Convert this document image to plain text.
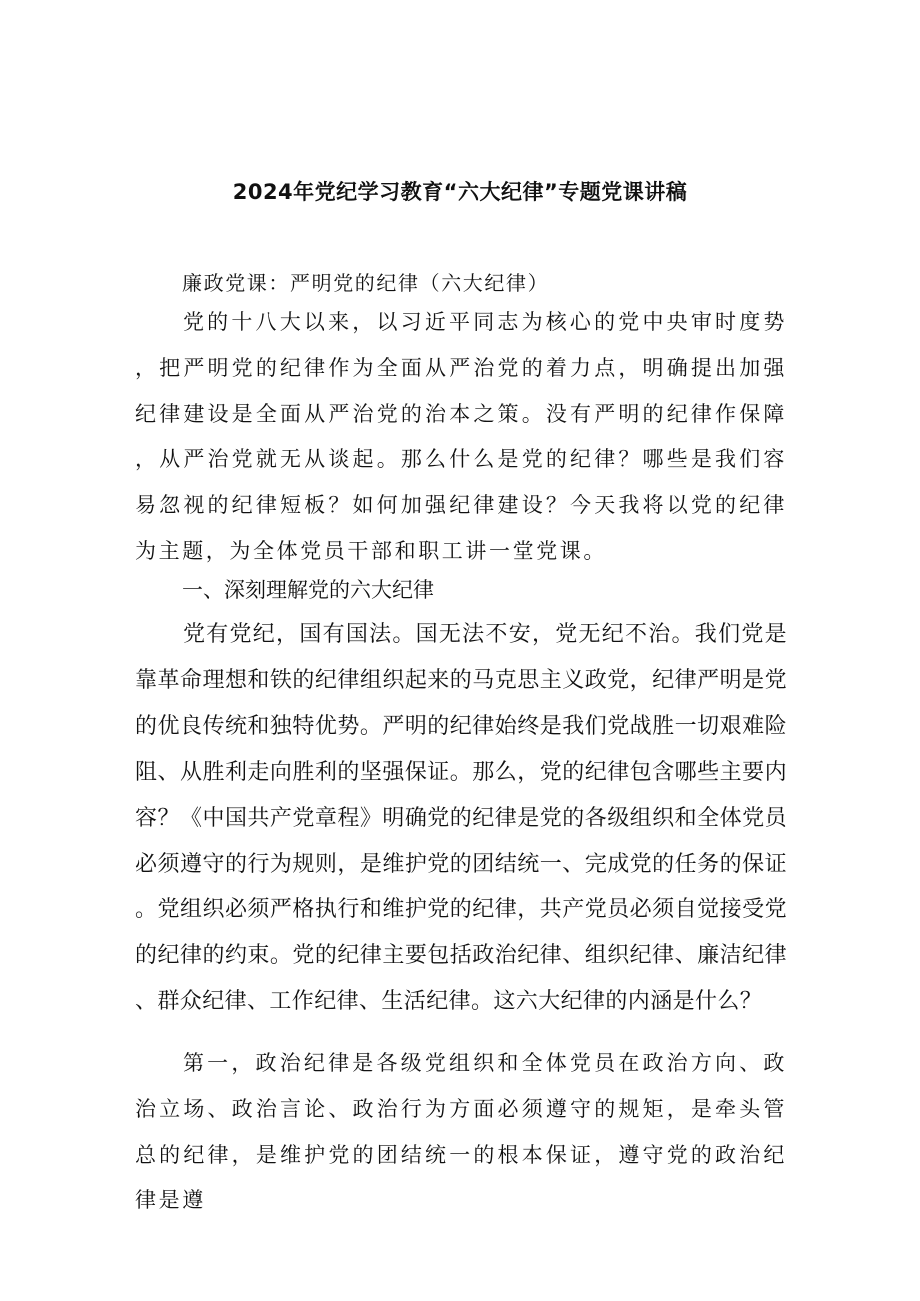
2024年党纪学习教育“六大纪律”专题党课讲稿
廉政党课：严明党的纪律（六大纪律）

党的十八大以来，以习近平同志为核心的党中央审时度势，把严明党的纪律作为全面从严治党的着力点，明确提出加强纪律建设是全面从严治党的治本之策。没有严明的纪律作保障，从严治党就无从谈起。那么什么是党的纪律？哪些是我们容易忽视的纪律短板？如何加强纪律建设？今天我将以党的纪律为主题，为全体党员干部和职工讲一堂党课。

一、深刻理解党的六大纪律

党有党纪，国有国法。国无法不安，党无纪不治。我们党是靠革命理想和铁的纪律组织起来的马克思主义政党，纪律严明是党的优良传统和独特优势。严明的纪律始终是我们党战胜一切艰难险阻、从胜利走向胜利的坚强保证。那么，党的纪律包含哪些主要内容？《中国共产党章程》明确党的纪律是党的各级组织和全体党员必须遵守的行为规则，是维护党的团结统一、完成党的任务的保证。党组织必须严格执行和维护党的纪律，共产党员必须自觉接受党的纪律的约束。党的纪律主要包括政治纪律、组织纪律、廉洁纪律、群众纪律、工作纪律、生活纪律。这六大纪律的内涵是什么？

第一，政治纪律是各级党组织和全体党员在政治方向、政治立场、政治言论、政治行为方面必须遵守的规矩，是牵头管总的纪律，是维护党的团结统一的根本保证，遵守党的政治纪律是遵
